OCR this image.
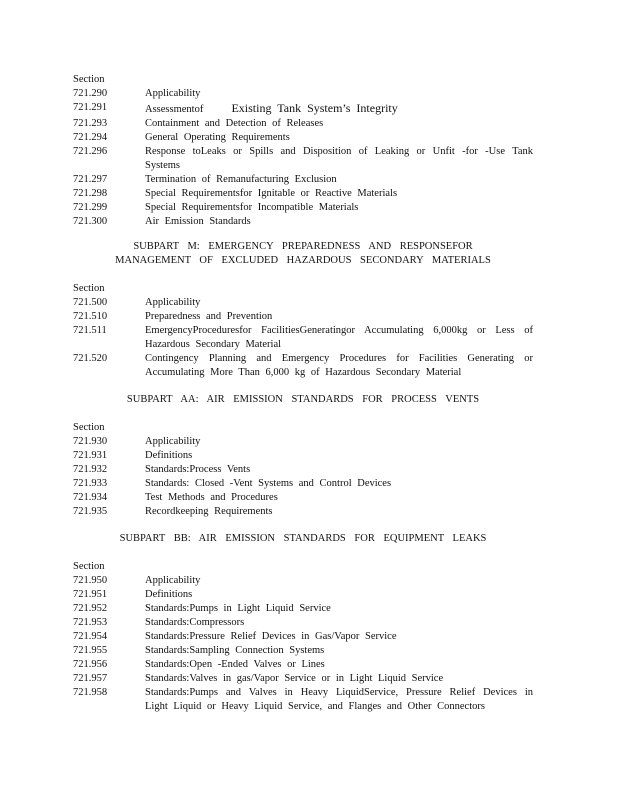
Section
721.290	Applicability
721.291	Assessmentof Existing Tank System’s Integrity
721.293	Containment and Detection of Releases
721.294	General Operating Requirements
721.296	Response toLeaks or Spills and Disposition of Leaking or Unfit -for -Use Tank Systems
721.297	Termination of Remanufacturing Exclusion
721.298	Special Requirementsfor Ignitable or Reactive Materials
721.299	Special Requirementsfor Incompatible Materials
721.300	Air Emission Standards
SUBPART M: EMERGENCY PREPAREDNESS AND RESPONSEFOR
MANAGEMENT OF EXCLUDED HAZARDOUS SECONDARY MATERIALS
Section
721.500	Applicability
721.510	Preparedness and Prevention
721.511	EmergencyProceduresfor FacilitiesGeneratingor Accumulating 6,000kg or Less of Hazardous Secondary Material
721.520	Contingency Planning and Emergency Procedures for Facilities Generating or Accumulating More Than 6,000 kg of Hazardous Secondary Material
SUBPART AA: AIR EMISSION STANDARDS FOR PROCESS VENTS
Section
721.930	Applicability
721.931	Definitions
721.932	Standards:Process Vents
721.933	Standards: Closed -Vent Systems and Control Devices
721.934	Test Methods and Procedures
721.935	Recordkeeping Requirements
SUBPART BB: AIR EMISSION STANDARDS FOR EQUIPMENT LEAKS
Section
721.950	Applicability
721.951	Definitions
721.952	Standards:Pumps in Light Liquid Service
721.953	Standards:Compressors
721.954	Standards:Pressure Relief Devices in Gas/Vapor Service
721.955	Standards:Sampling Connection Systems
721.956	Standards:Open -Ended Valves or Lines
721.957	Standards:Valves in gas/Vapor Service or in Light Liquid Service
721.958	Standards:Pumps and Valves in Heavy LiquidService, Pressure Relief Devices in Light Liquid or Heavy Liquid Service, and Flanges and Other Connectors
